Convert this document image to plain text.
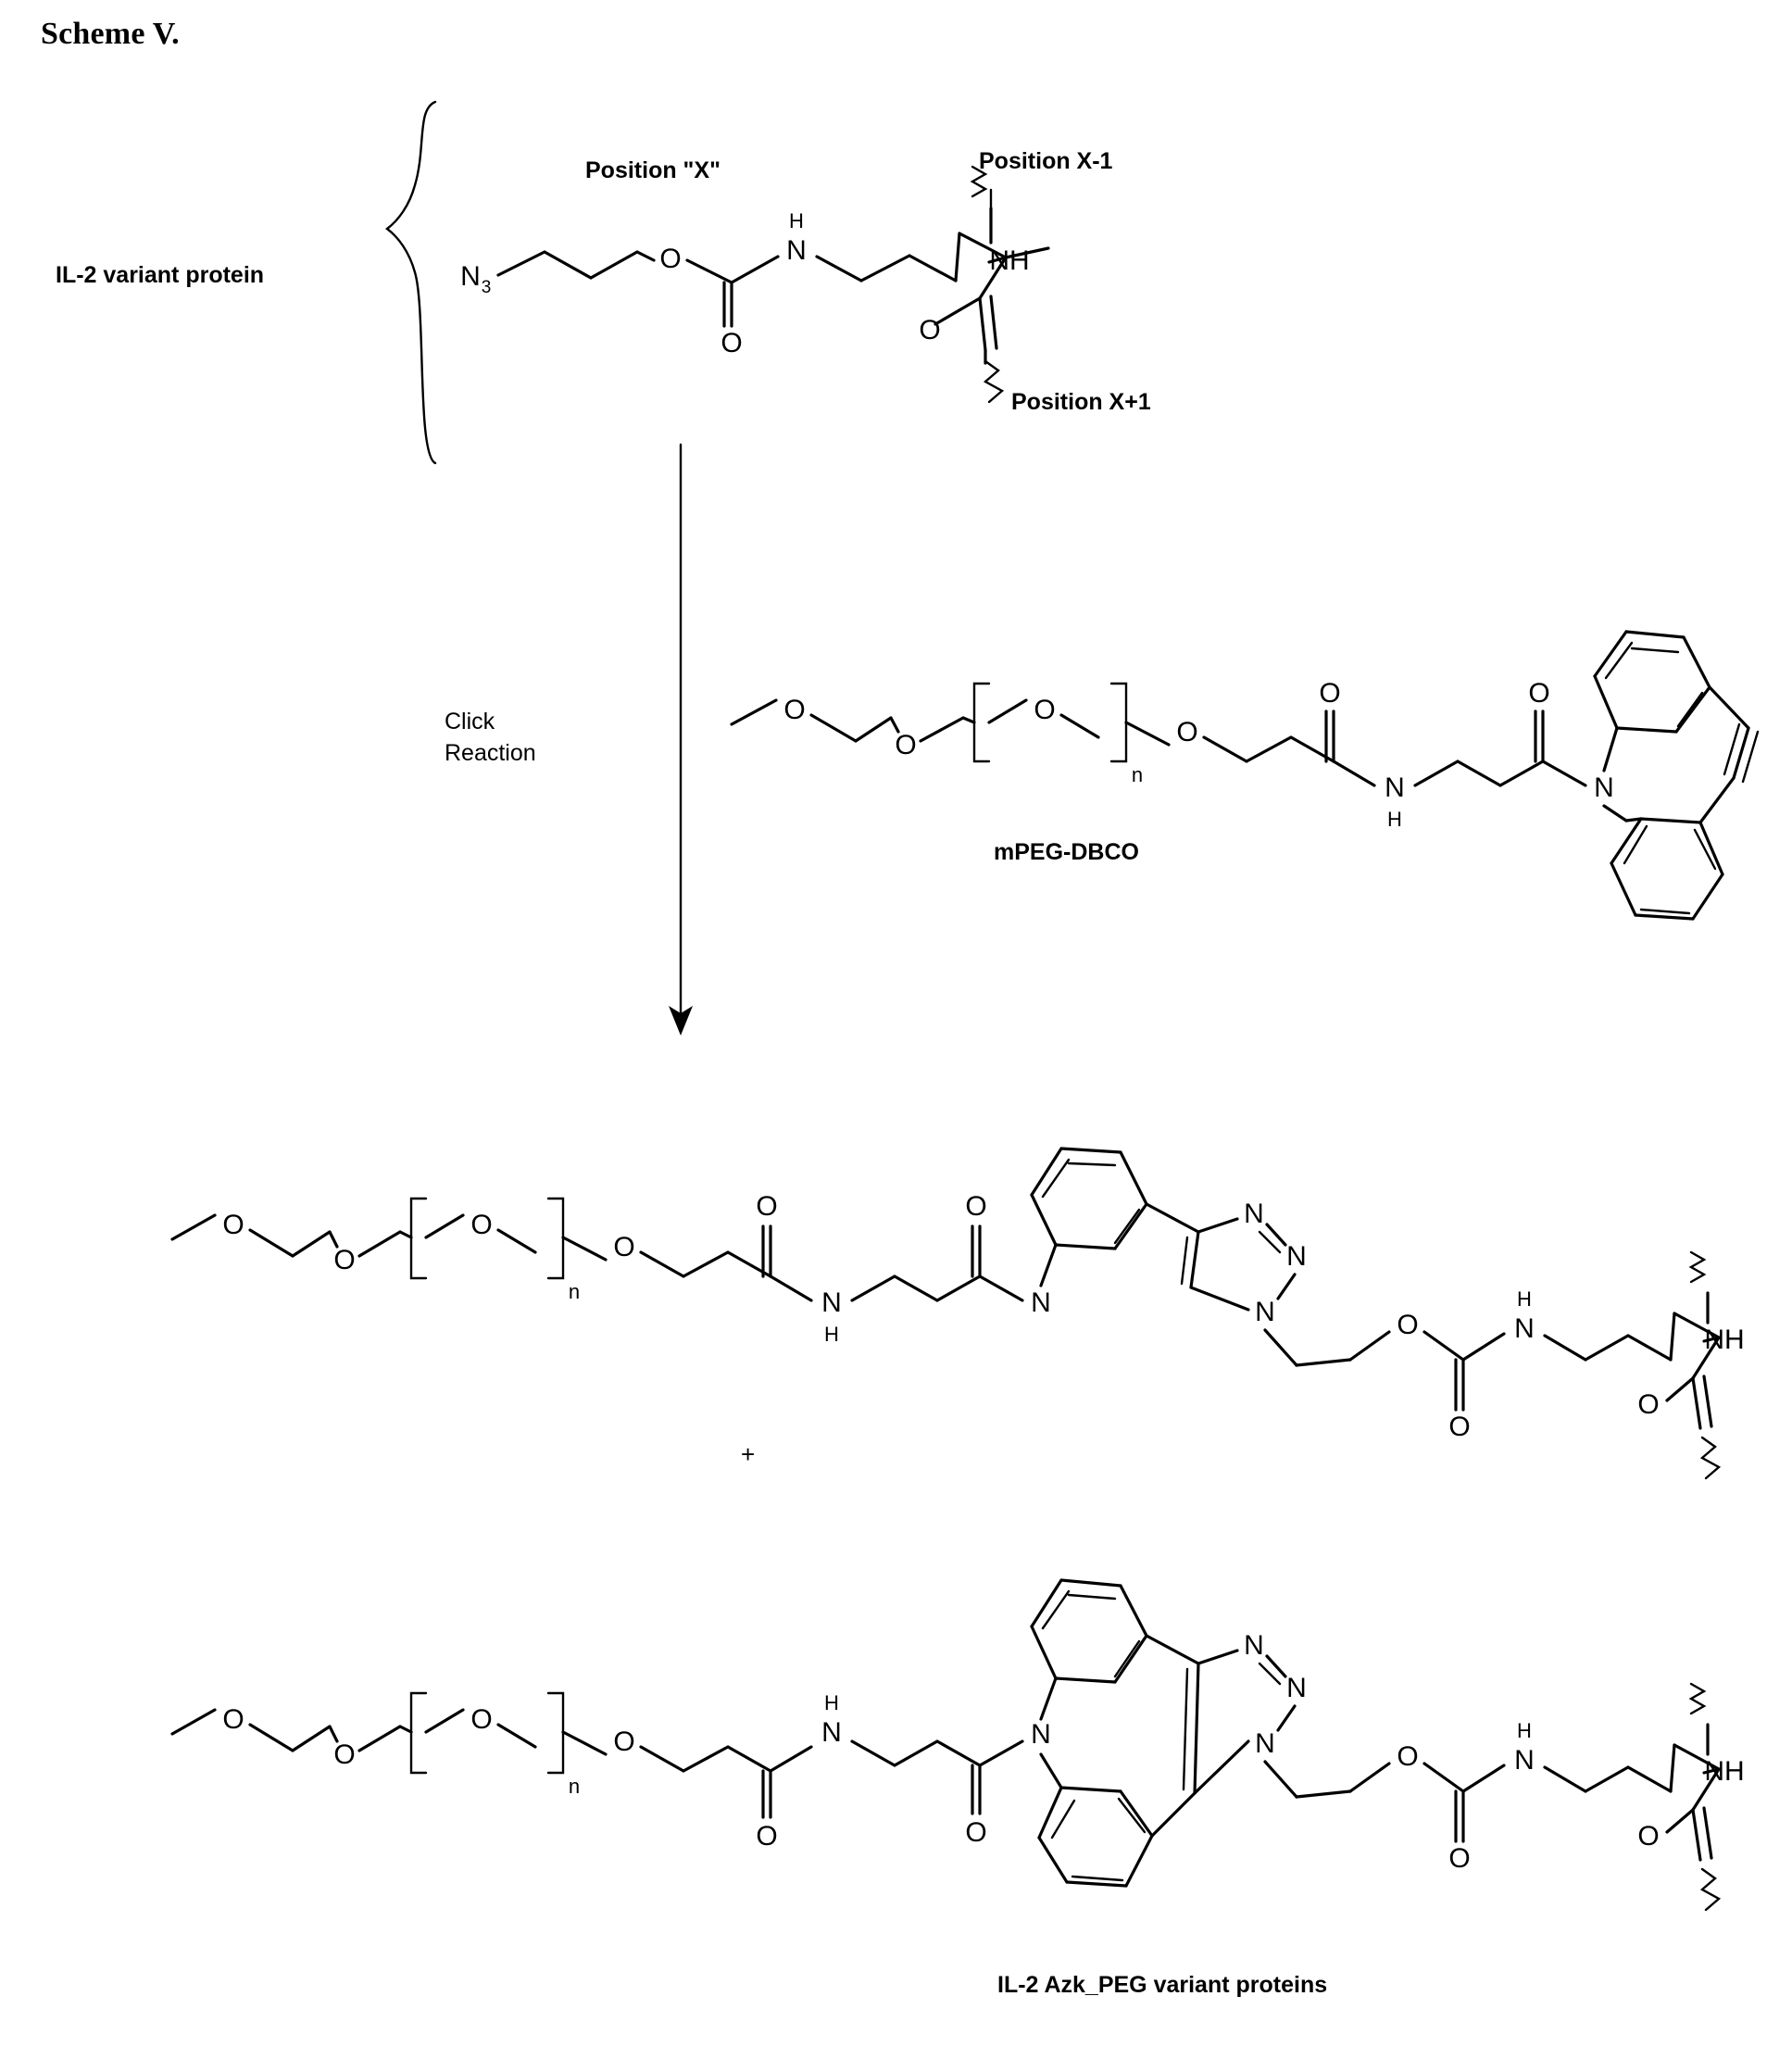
Scheme V.
IL-2 variant protein
Position "X"	Position X-1
Position X+1
Click
Reaction
mPEG-DBCO
+
IL-2 Azk_PEG variant proteins
N 3
O
O
N
H
O
NH
O
O
O
n
O
O
N
H
O
N
O
O
O
n
O
O
N
H
O
N
N
N
N	O
O
N
H
O
NH
O
O
O
n
O
O
N
H
O
N
N
N
N	O
O
N
H
O
NH
